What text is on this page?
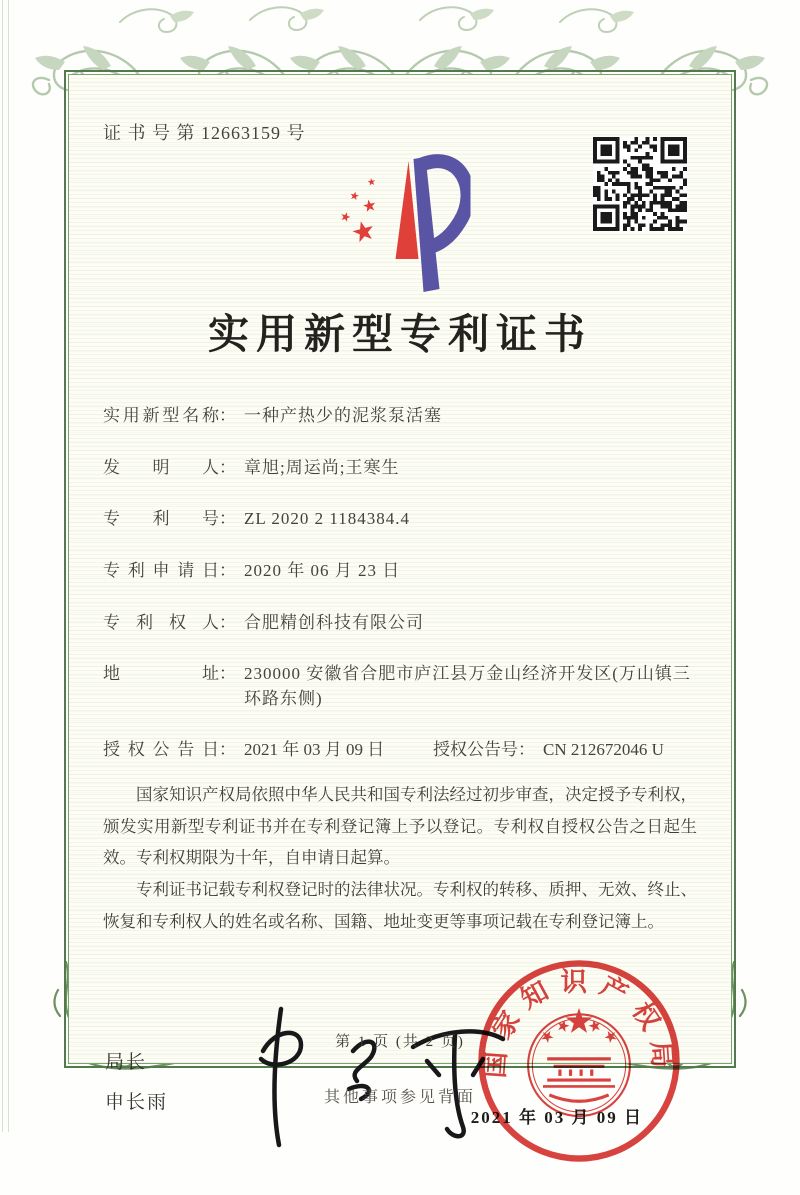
证 书 号 第 12663159 号
实用新型专利证书
实用新型名称 ： 一种产热少的泥浆泵活塞
发明人 ： 章旭;周运尚;王寒生
专利号 ： ZL 2020 2 1184384.4
专利申请日 ： 2020 年 06 月 23 日
专利权人 ： 合肥精创科技有限公司
地址 ： 230000 安徽省合肥市庐江县万金山经济开发区(万山镇三环路东侧)
授权公告日 ： 2021 年 03 月 09 日	授权公告号 ： CN 212672046 U

国家知识产权局依照中华人民共和国专利法经过初步审查，决定授予专利权，颁发实用新型专利证书并在专利登记簿上予以登记。专利权自授权公告之日起生效。专利权期限为十年，自申请日起算。

专利证书记载专利权登记时的法律状况。专利权的转移、质押、无效、终止、恢复和专利权人的姓名或名称、国籍、地址变更等事项记载在专利登记簿上。

局长
申长雨
2021 年 03 月 09 日
国家知识产权局
第 1 页 (共 2 页)
其他事项参见背面
